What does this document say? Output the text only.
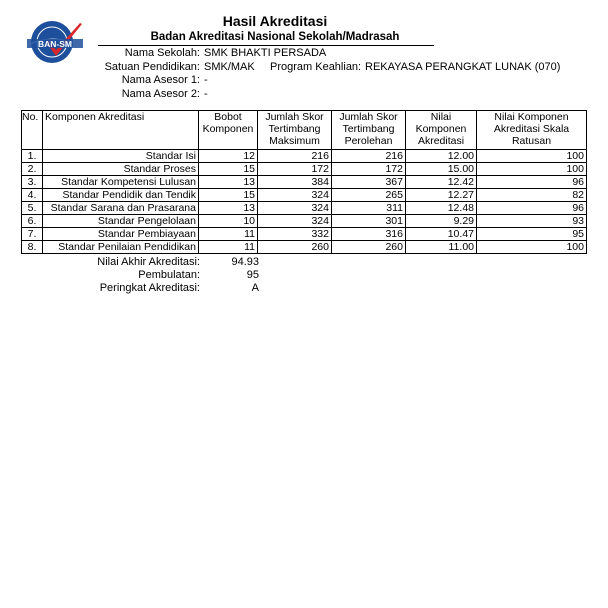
BAN-SM
Hasil Akreditasi
Badan Akreditasi Nasional Sekolah/Madrasah
Nama Sekolah: SMK BHAKTI PERSADA
Satuan Pendidikan: SMK/MAK Program Keahlian: REKAYASA PERANGKAT LUNAK (070)
Nama Asesor 1: -
Nama Asesor 2: -
No.	Komponen Akreditasi	Bobot Komponen	Jumlah Skor Tertimbang Maksimum	Jumlah Skor Tertimbang Perolehan	Nilai Komponen Akreditasi	Nilai Komponen Akreditasi Skala Ratusan
1.	Standar Isi	12	216	216	12.00	100
2.	Standar Proses	15	172	172	15.00	100
3.	Standar Kompetensi Lulusan	13	384	367	12.42	96
4.	Standar Pendidik dan Tendik	15	324	265	12.27	82
5.	Standar Sarana dan Prasarana	13	324	311	12.48	96
6.	Standar Pengelolaan	10	324	301	9.29	93
7.	Standar Pembiayaan	11	332	316	10.47	95
8.	Standar Penilaian Pendidikan	11	260	260	11.00	100
Nilai Akhir Akreditasi:	94.93
Pembulatan:	95
Peringkat Akreditasi:	A
